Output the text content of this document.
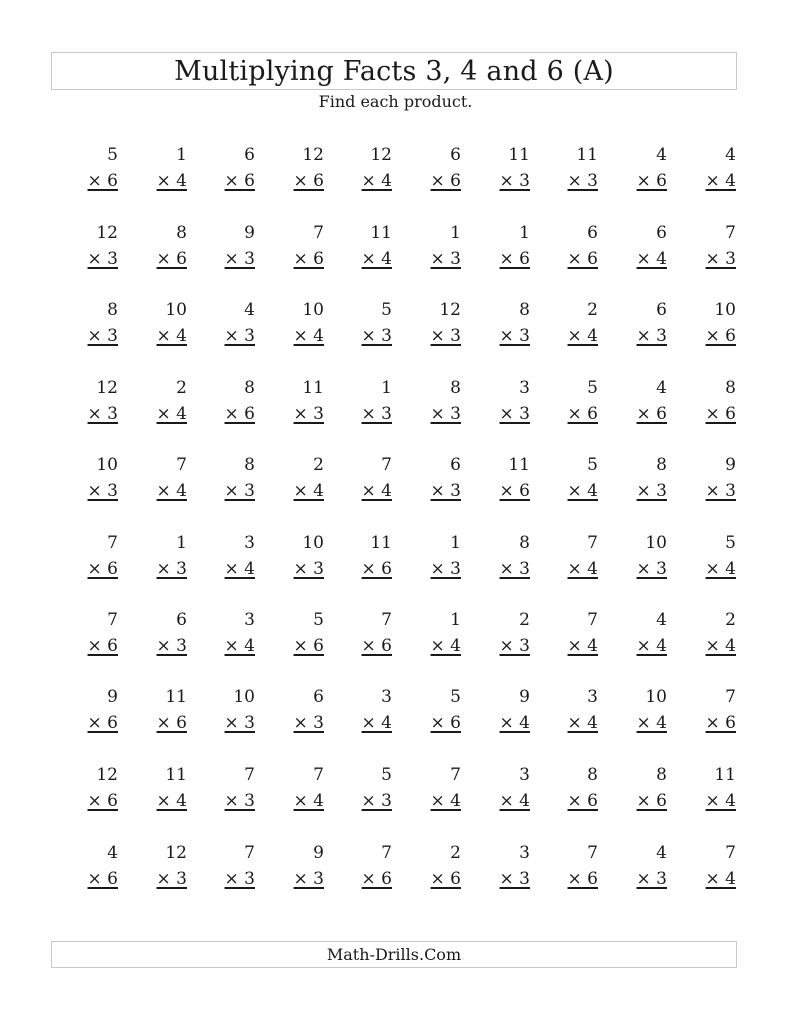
Multiplying Facts 3, 4 and 6 (A)
Find each product.
5
× 6
1
× 4
6
× 6
12
× 6
12
× 4
6
× 6
11
× 3
11
× 3
4
× 6
4
× 4
12
× 3
8
× 6
9
× 3
7
× 6
11
× 4
1
× 3
1
× 6
6
× 6
6
× 4
7
× 3
8
× 3
10
× 4
4
× 3
10
× 4
5
× 3
12
× 3
8
× 3
2
× 4
6
× 3
10
× 6
12
× 3
2
× 4
8
× 6
11
× 3
1
× 3
8
× 3
3
× 3
5
× 6
4
× 6
8
× 6
10
× 3
7
× 4
8
× 3
2
× 4
7
× 4
6
× 3
11
× 6
5
× 4
8
× 3
9
× 3
7
× 6
1
× 3
3
× 4
10
× 3
11
× 6
1
× 3
8
× 3
7
× 4
10
× 3
5
× 4
7
× 6
6
× 3
3
× 4
5
× 6
7
× 6
1
× 4
2
× 3
7
× 4
4
× 4
2
× 4
9
× 6
11
× 6
10
× 3
6
× 3
3
× 4
5
× 6
9
× 4
3
× 4
10
× 4
7
× 6
12
× 6
11
× 4
7
× 3
7
× 4
5
× 3
7
× 4
3
× 4
8
× 6
8
× 6
11
× 4
4
× 6
12
× 3
7
× 3
9
× 3
7
× 6
2
× 6
3
× 3
7
× 6
4
× 3
7
× 4
Math-Drills.Com
